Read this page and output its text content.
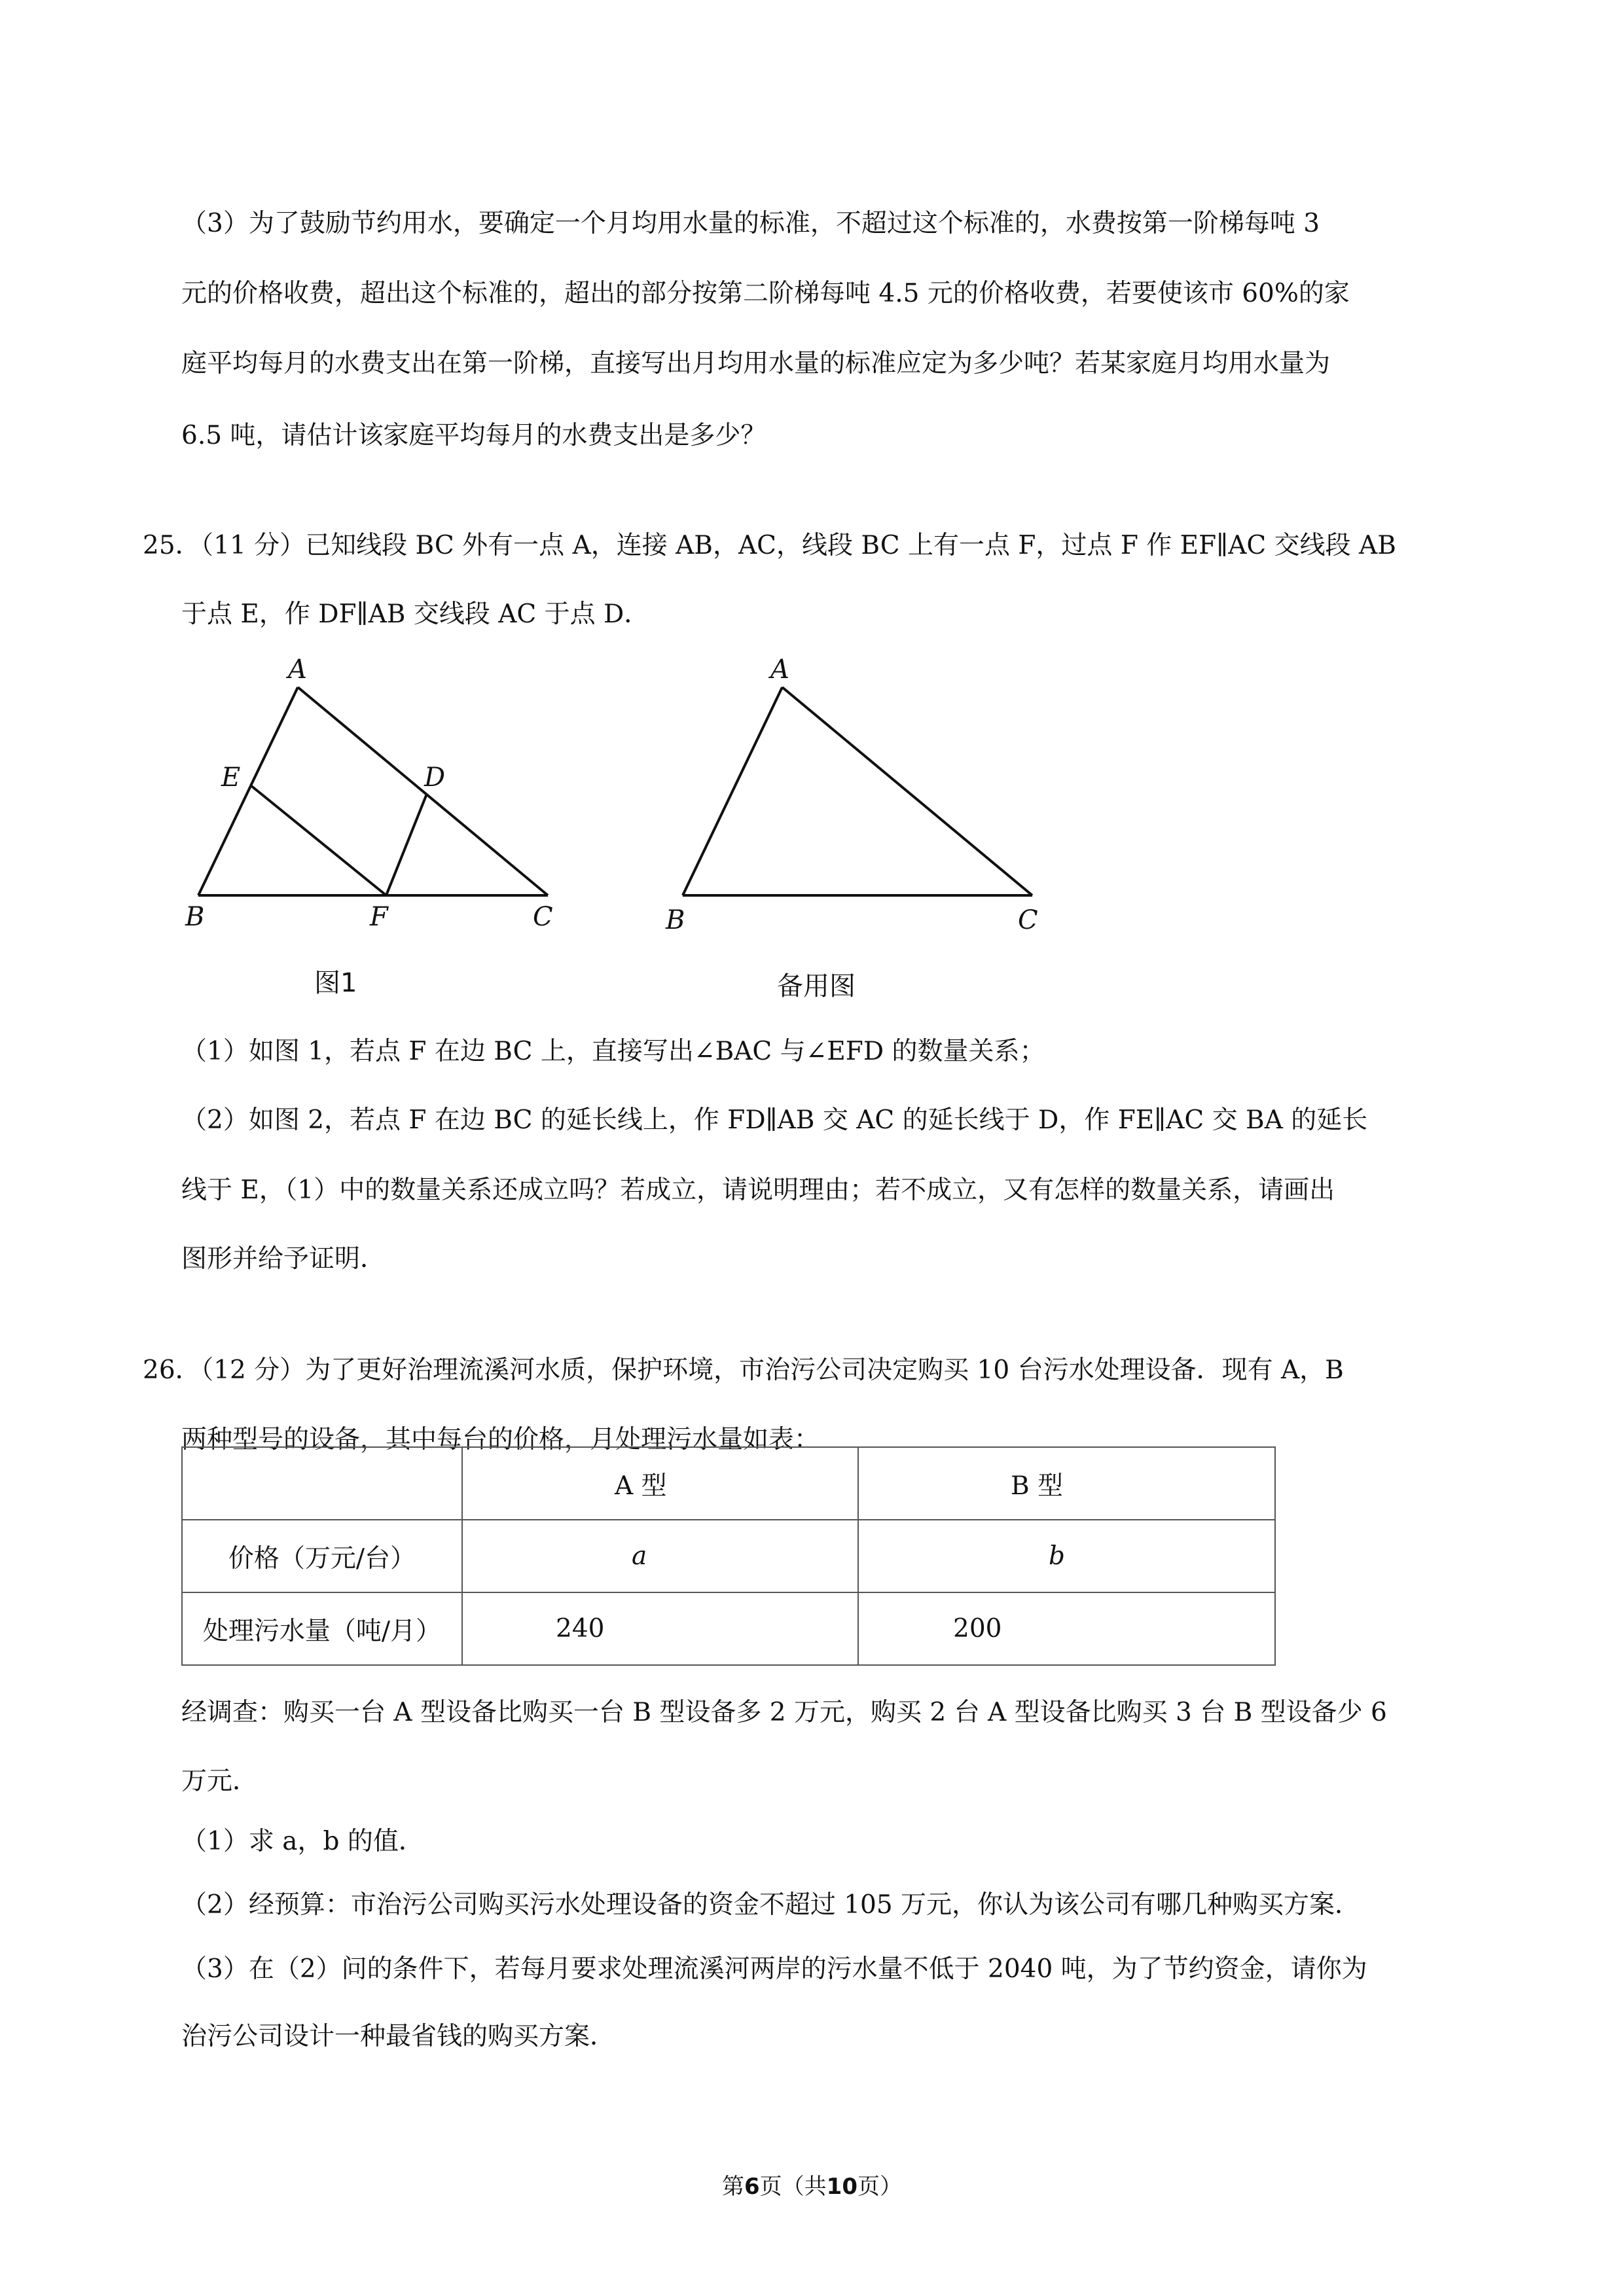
（3）为了鼓励节约用水，要确定一个月均用水量的标准，不超过这个标准的，水费按第一阶梯每吨 3
元的价格收费，超出这个标准的，超出的部分按第二阶梯每吨 4.5 元的价格收费，若要使该市 60%的家
庭平均每月的水费支出在第一阶梯，直接写出月均用水量的标准应定为多少吨？若某家庭月均用水量为
6.5 吨，请估计该家庭平均每月的水费支出是多少？
25．（11 分）已知线段 BC 外有一点 A，连接 AB，AC，线段 BC 上有一点 F，过点 F 作 EF∥AC 交线段 AB
于点 E，作 DF∥AB 交线段 AC 于点 D．
A
E	D
B	F	C
图1
A
B	C
备用图
（1）如图 1，若点 F 在边 BC 上，直接写出∠BAC 与∠EFD 的数量关系；
（2）如图 2，若点 F 在边 BC 的延长线上，作 FD∥AB 交 AC 的延长线于 D，作 FE∥AC 交 BA 的延长
线于 E，（1）中的数量关系还成立吗？若成立，请说明理由；若不成立，又有怎样的数量关系，请画出
图形并给予证明．
26．（12 分）为了更好治理流溪河水质，保护环境，市治污公司决定购买 10 台污水处理设备．现有 A，B
两种型号的设备，其中每台的价格，月处理污水量如表：
	A 型	B 型
价格（万元/台）	a	b
处理污水量（吨/月）	240	200
经调查：购买一台 A 型设备比购买一台 B 型设备多 2 万元，购买 2 台 A 型设备比购买 3 台 B 型设备少 6
万元．
（1）求 a，b 的值．
（2）经预算：市治污公司购买污水处理设备的资金不超过 105 万元，你认为该公司有哪几种购买方案．
（3）在（2）问的条件下，若每月要求处理流溪河两岸的污水量不低于 2040 吨，为了节约资金，请你为
治污公司设计一种最省钱的购买方案．
第6页（共10页）
